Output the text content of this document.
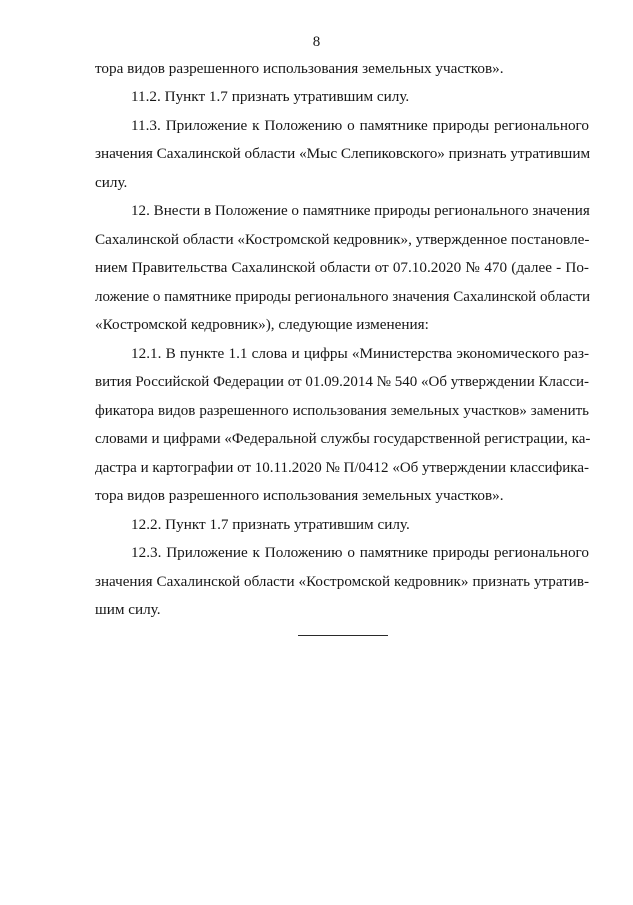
8
тора видов разрешенного использования земельных участков».
11.2. Пункт 1.7 признать утратившим силу.
11.3. Приложение к Положению о памятнике природы регионального
значения Сахалинской области «Мыс Слепиковского» признать утратившим
силу.
12. Внести в Положение о памятнике природы регионального значения
Сахалинской области «Костромской кедровник», утвержденное постановле-
нием Правительства Сахалинской области от 07.10.2020 № 470 (далее - По-
ложение о памятнике природы регионального значения Сахалинской области
«Костромской кедровник»), следующие изменения:
12.1. В пункте 1.1 слова и цифры «Министерства экономического раз-
вития Российской Федерации от 01.09.2014 № 540 «Об утверждении Класси-
фикатора видов разрешенного использования земельных участков» заменить
словами и цифрами «Федеральной службы государственной регистрации, ка-
дастра и картографии от 10.11.2020 № П/0412 «Об утверждении классифика-
тора видов разрешенного использования земельных участков».
12.2. Пункт 1.7 признать утратившим силу.
12.3. Приложение к Положению о памятнике природы регионального
значения Сахалинской области «Костромской кедровник» признать утратив-
шим силу.
